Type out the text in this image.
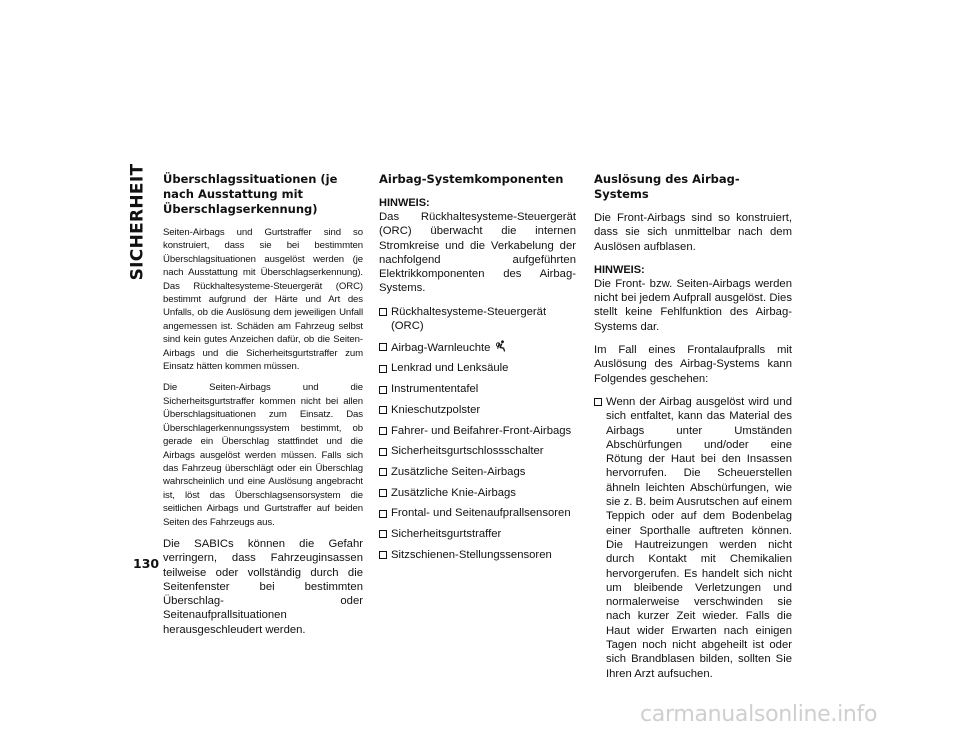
SICHERHEIT
130
Überschlagssituationen (je nach Ausstattung mit Überschlagserkennung)

Seiten-Airbags und Gurtstraffer sind so konstruiert, dass sie bei bestimmten Überschlagsituationen ausgelöst werden (je nach Ausstattung mit Überschlagserkennung). Das Rückhaltesysteme-Steuergerät (ORC) bestimmt aufgrund der Härte und Art des Unfalls, ob die Auslösung dem jeweiligen Unfall angemessen ist. Schäden am Fahrzeug selbst sind kein gutes Anzeichen dafür, ob die Seiten-Airbags und die Sicherheitsgurtstraffer zum Einsatz hätten kommen müssen.

Die Seiten-Airbags und die Sicherheitsgurtstraffer kommen nicht bei allen Überschlagsituationen zum Einsatz. Das Überschlagerkennungssystem bestimmt, ob gerade ein Überschlag stattfindet und die Airbags ausgelöst werden müssen. Falls sich das Fahrzeug überschlägt oder ein Überschlag wahrscheinlich und eine Auslösung angebracht ist, löst das Überschlagsensorsystem die seitlichen Airbags und Gurtstraffer auf beiden Seiten des Fahrzeugs aus.

Die SABICs können die Gefahr verringern, dass Fahrzeuginsassen teilweise oder vollständig durch die Seitenfenster bei bestimmten Überschlag- oder Seitenaufprallsituationen herausgeschleudert werden.

Airbag-Systemkomponenten

HINWEIS:

Das Rückhaltesysteme-Steuergerät (ORC) überwacht die internen Stromkreise und die Verkabelung der nachfolgend aufgeführten Elektrikkomponenten des Airbag-Systems.

Rückhaltesysteme-Steuergerät (ORC)
Airbag-Warnleuchte
Lenkrad und Lenksäule
Instrumententafel
Knieschutzpolster
Fahrer- und Beifahrer-Front-Airbags
Sicherheitsgurtschlossschalter
Zusätzliche Seiten-Airbags
Zusätzliche Knie-Airbags
Frontal- und Seitenaufprallsensoren
Sicherheitsgurtstraffer
Sitzschienen-Stellungssensoren
Auslösung des Airbag-Systems

Die Front-Airbags sind so konstruiert, dass sie sich unmittelbar nach dem Auslösen aufblasen.

HINWEIS:

Die Front- bzw. Seiten-Airbags werden nicht bei jedem Aufprall ausgelöst. Dies stellt keine Fehlfunktion des Airbag-Systems dar.

Im Fall eines Frontalaufpralls mit Auslösung des Airbag-Systems kann Folgendes geschehen:

Wenn der Airbag ausgelöst wird und sich entfaltet, kann das Material des Airbags unter Umständen Abschürfungen und/oder eine Rötung der Haut bei den Insassen hervorrufen. Die Scheuerstellen ähneln leichten Abschürfungen, wie sie z. B. beim Ausrutschen auf einem Teppich oder auf dem Bodenbelag einer Sporthalle auftreten können. Die Hautreizungen werden nicht durch Kontakt mit Chemikalien hervorgerufen. Es handelt sich nicht um bleibende Verletzungen und normalerweise verschwinden sie nach kurzer Zeit wieder. Falls die Haut wider Erwarten nach einigen Tagen noch nicht abgeheilt ist oder sich Brandblasen bilden, sollten Sie Ihren Arzt aufsuchen.
carmanualsonline.info
